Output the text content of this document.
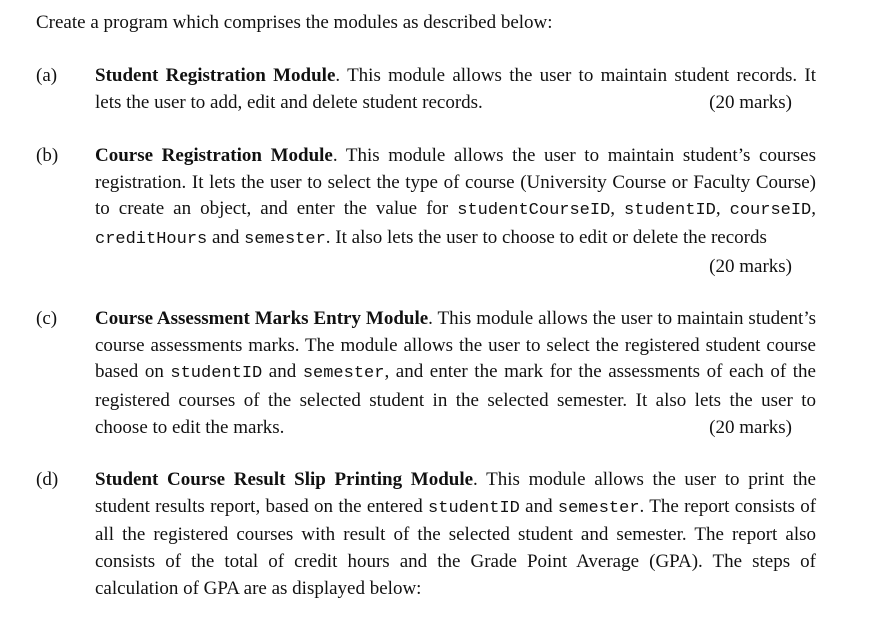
Create a program which comprises the modules as described below:
(a) Student Registration Module. This module allows the user to maintain student records. It lets the user to add, edit and delete student records.	(20 marks)
(b) Course Registration Module. This module allows the user to maintain student’s courses registration. It lets the user to select the type of course (University Course or Faculty Course) to create an object, and enter the value for studentCourseID, studentID, courseID, creditHours and semester. It also lets the user to choose to edit or delete the records
(20 marks)
(c) Course Assessment Marks Entry Module. This module allows the user to maintain student’s course assessments marks. The module allows the user to select the registered student course based on studentID and semester, and enter the mark for the assessments of each of the registered courses of the selected student in the selected semester. It also lets the user to choose to edit the marks.	(20 marks)
(d) Student Course Result Slip Printing Module. This module allows the user to print the student results report, based on the entered studentID and semester. The report consists of all the registered courses with result of the selected student and semester. The report also consists of the total of credit hours and the Grade Point Average (GPA). The steps of calculation of GPA are as displayed below:
